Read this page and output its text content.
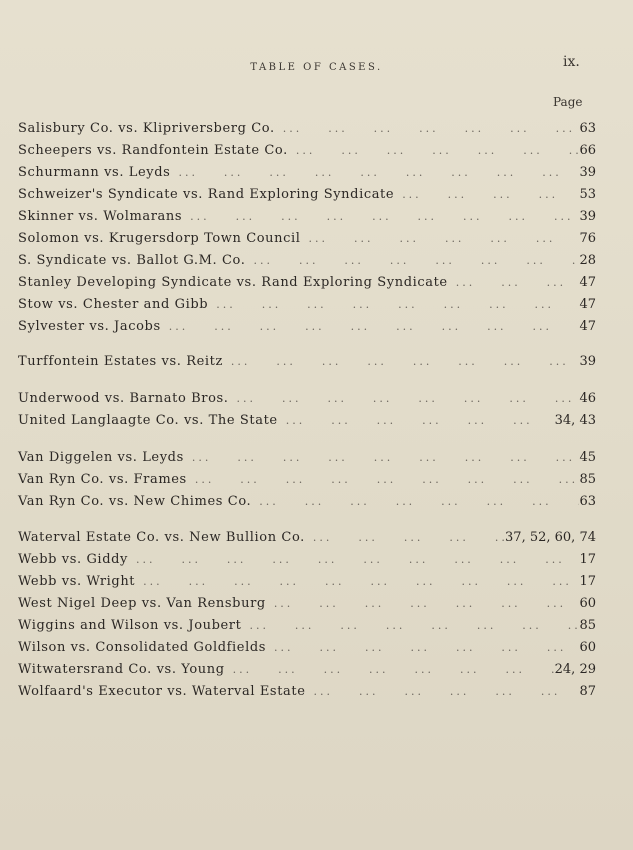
TABLE OF CASES.	ix.
Page
Salisbury Co. vs. Klipriversberg Co. ...	63
Scheepers vs. Randfontein Estate Co. ...	66
Schurmann vs. Leyds ...	39
Schweizer's Syndicate vs. Rand Exploring Syndicate ...	53
Skinner vs. Wolmarans ...	39
Solomon vs. Krugersdorp Town Council ...	76
S. Syndicate vs. Ballot G.M. Co. ...	28
Stanley Developing Syndicate vs. Rand Exploring Syndicate ...	47
Stow vs. Chester and Gibb ...	47
Sylvester vs. Jacobs ...	47
Turffontein Estates vs. Reitz ...	39
Underwood vs. Barnato Bros. ...	46
United Langlaagte Co. vs. The State ...	34, 43
Van Diggelen vs. Leyds ...	45
Van Ryn Co. vs. Frames ...	85
Van Ryn Co. vs. New Chimes Co. ...	63
Waterval Estate Co. vs. New Bullion Co. ...	37, 52, 60, 74
Webb vs. Giddy ...	17
Webb vs. Wright ...	17
West Nigel Deep vs. Van Rensburg ...	60
Wiggins and Wilson vs. Joubert ...	85
Wilson vs. Consolidated Goldfields ...	60
Witwatersrand Co. vs. Young ...	24, 29
Wolfaard's Executor vs. Waterval Estate ...	87
